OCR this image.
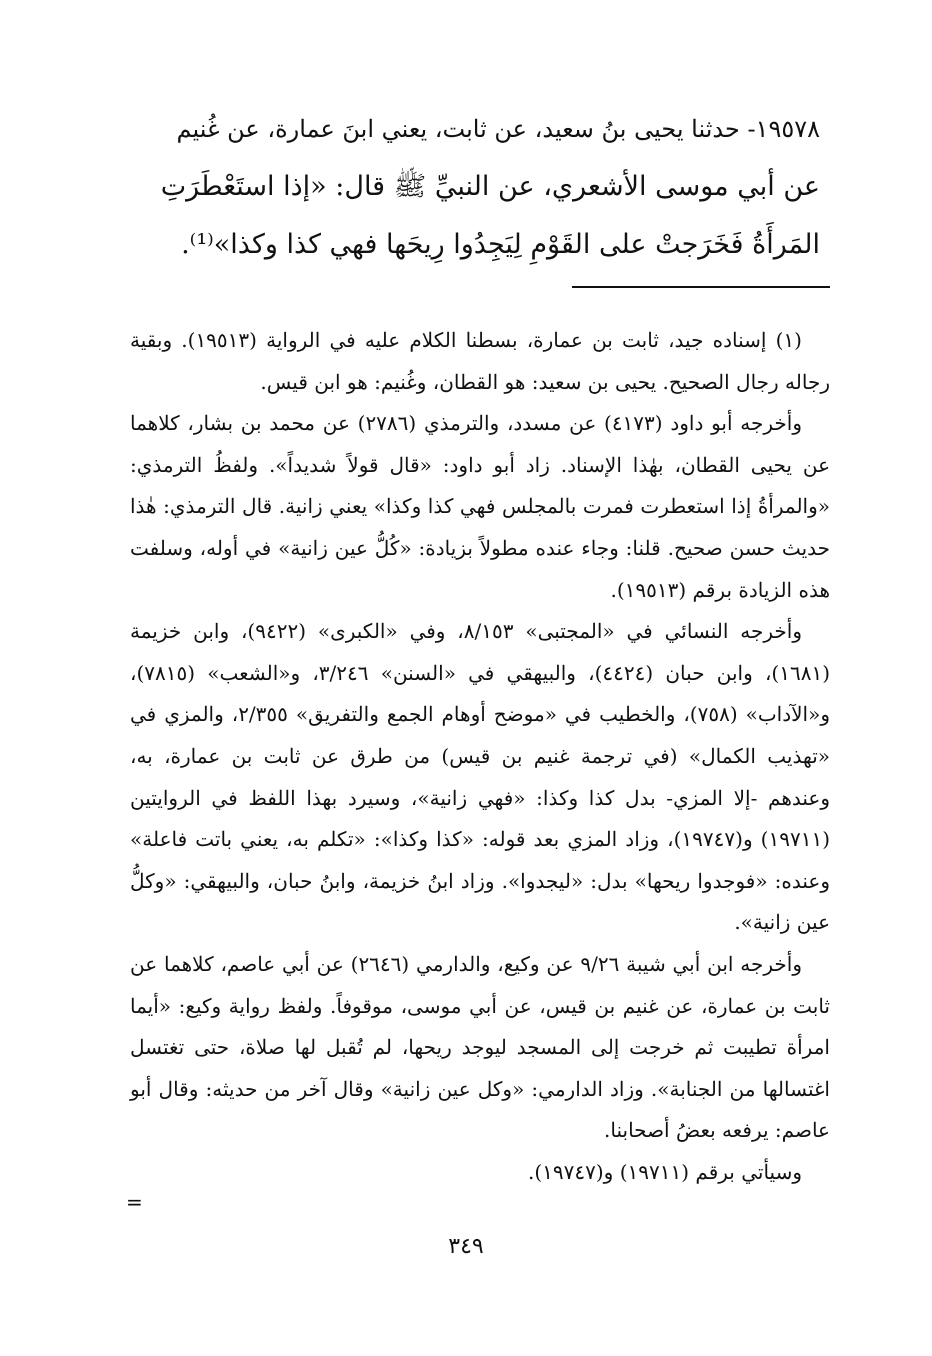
١٩٥٧٨- حدثنا يحيى بنُ سعيد، عن ثابت، يعني ابنَ عمارة، عن غُنيم
عن أبي موسى الأشعري، عن النبيِّ ﷺ قال: «إذا استَعْطَرَتِ
المَرأَةُ فَخَرَجتْ على القَوْمِ لِيَجِدُوا رِيحَها فهي كذا وكذا»⁽¹⁾.

(١) إسناده جيد، ثابت بن عمارة، بسطنا الكلام عليه في الرواية (١٩٥١٣). وبقية رجاله رجال الصحيح. يحيى بن سعيد: هو القطان، وغُنيم: هو ابن قيس.

وأخرجه أبو داود (٤١٧٣) عن مسدد، والترمذي (٢٧٨٦) عن محمد بن بشار، كلاهما عن يحيى القطان، بهٰذا الإسناد. زاد أبو داود: «قال قولاً شديداً». ولفظُ الترمذي: «والمرأةُ إذا استعطرت فمرت بالمجلس فهي كذا وكذا» يعني زانية. قال الترمذي: هٰذا حديث حسن صحيح. قلنا: وجاء عنده مطولاً بزيادة: «كُلُّ عين زانية» في أوله، وسلفت هذه الزيادة برقم (١٩٥١٣).

وأخرجه النسائي في «المجتبى» ٨/١٥٣، وفي «الكبرى» (٩٤٢٢)، وابن خزيمة (١٦٨١)، وابن حبان (٤٤٢٤)، والبيهقي في «السنن» ٣/٢٤٦، و«الشعب» (٧٨١٥)، و«الآداب» (٧٥٨)، والخطيب في «موضح أوهام الجمع والتفريق» ٢/٣٥٥، والمزي في «تهذيب الكمال» (في ترجمة غنيم بن قيس) من طرق عن ثابت بن عمارة، به، وعندهم -إلا المزي- بدل كذا وكذا: «فهي زانية»، وسيرد بهذا اللفظ في الروايتين (١٩٧١١) و(١٩٧٤٧)، وزاد المزي بعد قوله: «كذا وكذا»: «تكلم به، يعني باتت فاعلة» وعنده: «فوجدوا ريحها» بدل: «ليجدوا». وزاد ابنُ خزيمة، وابنُ حبان، والبيهقي: «وكلُّ عين زانية».

وأخرجه ابن أبي شيبة ٩/٢٦ عن وكيع، والدارمي (٢٦٤٦) عن أبي عاصم، كلاهما عن ثابت بن عمارة، عن غنيم بن قيس، عن أبي موسى، موقوفاً. ولفظ رواية وكيع: «أيما امرأة تطيبت ثم خرجت إلى المسجد ليوجد ريحها، لم تُقبل لها صلاة، حتى تغتسل اغتسالها من الجنابة». وزاد الدارمي: «وكل عين زانية» وقال آخر من حديثه: وقال أبو عاصم: يرفعه بعضُ أصحابنا.

وسيأتي برقم (١٩٧١١) و(١٩٧٤٧).

=
٣٤٩
